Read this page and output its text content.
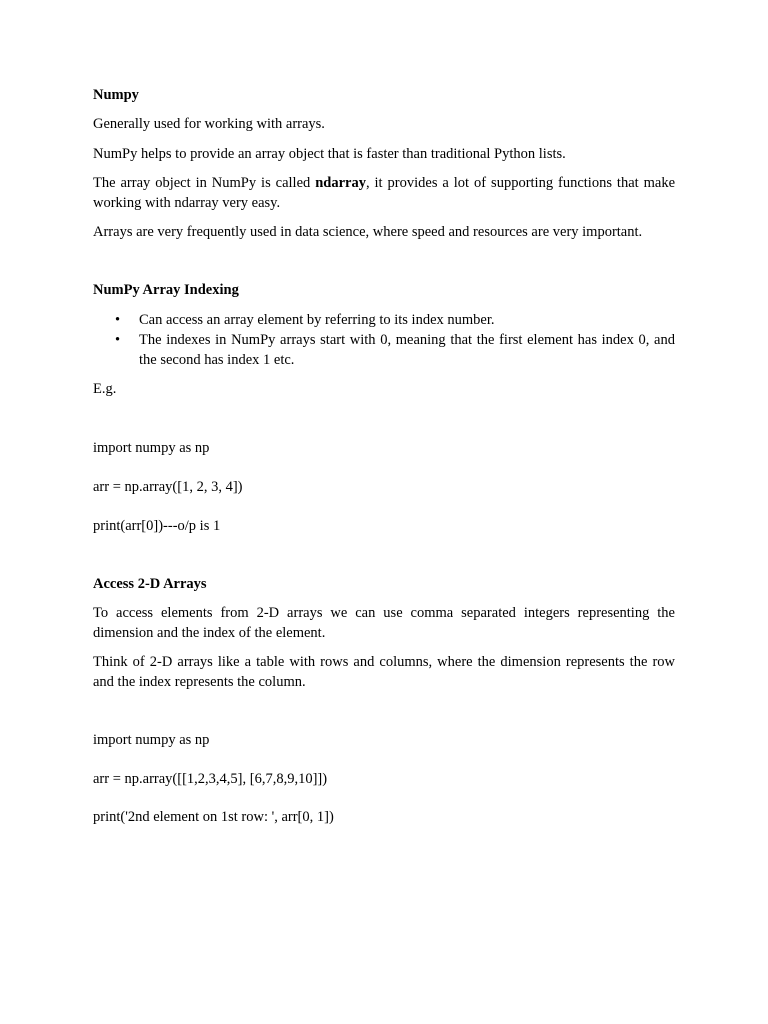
Numpy

Generally used for working with arrays.

NumPy helps to provide an array object that is faster than traditional Python lists.

The array object in NumPy is called ndarray, it provides a lot of supporting functions that make working with ndarray very easy.

Arrays are very frequently used in data science, where speed and resources are very important.

NumPy Array Indexing
• Can access an array element by referring to its index number.
• The indexes in NumPy arrays start with 0, meaning that the first element has index 0, and the second has index 1 etc.

E.g.

import numpy as np

arr = np.array([1, 2, 3, 4])

print(arr[0])---o/p is 1

Access 2-D Arrays

To access elements from 2-D arrays we can use comma separated integers representing the dimension and the index of the element.

Think of 2-D arrays like a table with rows and columns, where the dimension represents the row and the index represents the column.

import numpy as np

arr = np.array([[1,2,3,4,5], [6,7,8,9,10]])

print('2nd element on 1st row: ', arr[0, 1])
